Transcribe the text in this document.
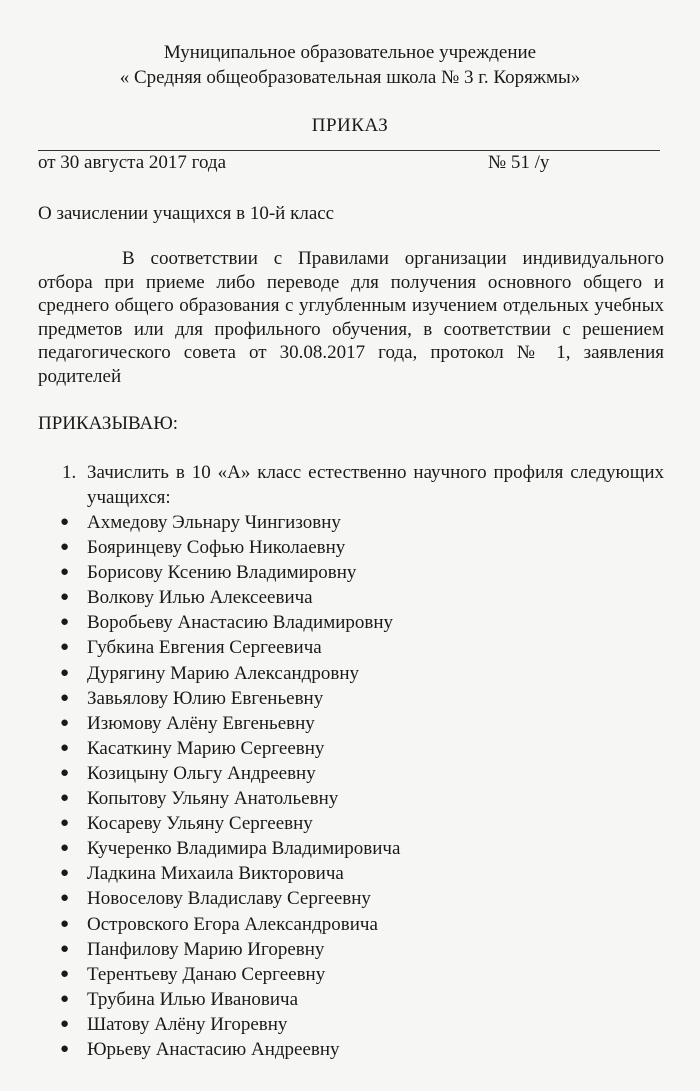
Муниципальное образовательное учреждение
« Средняя общеобразовательная школа № 3 г. Коряжмы»
ПРИКАЗ
от 30 августа 2017 года	№ 51 /у
О зачислении учащихся в 10-й класс
В соответствии с Правилами организации индивидуального отбора при приеме либо переводе для получения основного общего и среднего общего образования с углубленным изучением отдельных учебных предметов или для профильного обучения, в соответствии с решением педагогического совета от 30.08.2017 года, протокол № 1, заявления родителей
ПРИКАЗЫВАЮ:
1. Зачислить в 10 «А» класс естественно научного профиля следующих учащихся:
● Ахмедову Эльнару Чингизовну
● Бояринцеву Софью Николаевну
● Борисову Ксению Владимировну
● Волкову Илью Алексеевича
● Воробьеву Анастасию Владимировну
● Губкина Евгения Сергеевича
● Дурягину Марию Александровну
● Завьялову Юлию Евгеньевну
● Изюмову Алёну Евгеньевну
● Касаткину Марию Сергеевну
● Козицыну Ольгу Андреевну
● Копытову Ульяну Анатольевну
● Косареву Ульяну Сергеевну
● Кучеренко Владимира Владимировича
● Ладкина Михаила Викторовича
● Новоселову Владиславу Сергеевну
● Островского Егора Александровича
● Панфилову Марию Игоревну
● Терентьеву Данаю Сергеевну
● Трубина Илью Ивановича
● Шатову Алёну Игоревну
● Юрьеву Анастасию Андреевну
